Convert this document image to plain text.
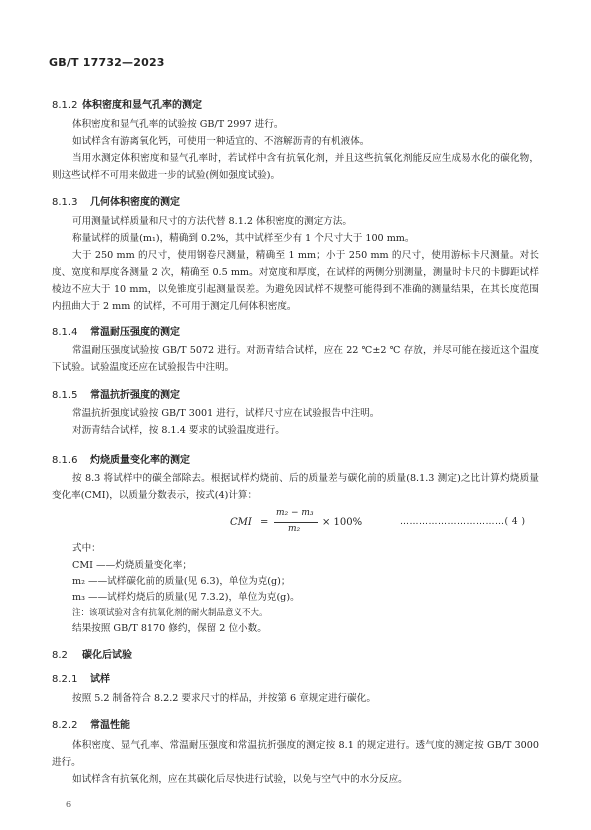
GB/T 17732—2023
8.1.2 体积密度和显气孔率的测定
体积密度和显气孔率的试验按 GB/T 2997 进行。
如试样含有游离氧化钙，可使用一种适宜的、不溶解沥青的有机液体。
当用水测定体积密度和显气孔率时，若试样中含有抗氧化剂，并且这些抗氧化剂能反应生成易水化的碳化物，则这些试样不可用来做进一步的试验(例如强度试验)。
8.1.3 几何体积密度的测定
可用测量试样质量和尺寸的方法代替 8.1.2 体积密度的测定方法。
称量试样的质量(m₁)，精确到 0.2%，其中试样至少有 1 个尺寸大于 100 mm。
大于 250 mm 的尺寸，使用钢卷尺测量，精确至 1 mm；小于 250 mm 的尺寸，使用游标卡尺测量。对长度、宽度和厚度各测量 2 次，精确至 0.5 mm。对宽度和厚度，在试样的两侧分别测量，测量时卡尺的卡脚距试样棱边不应大于 10 mm，以免锥度引起测量误差。为避免因试样不规整可能得到不准确的测量结果，在其长度范围内扭曲大于 2 mm 的试样，不可用于测定几何体积密度。
8.1.4 常温耐压强度的测定
常温耐压强度试验按 GB/T 5072 进行。对沥青结合试样，应在 22 ℃±2 ℃ 存放，并尽可能在接近这个温度下试验。试验温度还应在试验报告中注明。
8.1.5 常温抗折强度的测定
常温抗折强度试验按 GB/T 3001 进行，试样尺寸应在试验报告中注明。
对沥青结合试样，按 8.1.4 要求的试验温度进行。
8.1.6 灼烧质量变化率的测定
按 8.3 将试样中的碳全部除去。根据试样灼烧前、后的质量差与碳化前的质量(8.1.3 测定)之比计算灼烧质量变化率(CMI)，以质量分数表示，按式(4)计算：
CMI =
m₂ − m₃
m₂
× 100%	……………………………( 4 )
式中：
CMI ——灼烧质量变化率；
m₂ ——试样碳化前的质量(见 6.3)，单位为克(g)；
m₃ ——试样灼烧后的质量(见 7.3.2)，单位为克(g)。
注：该项试验对含有抗氧化剂的耐火制品意义不大。
结果按照 GB/T 8170 修约，保留 2 位小数。
8.2 碳化后试验
8.2.1 试样
按照 5.2 制备符合 8.2.2 要求尺寸的样品，并按第 6 章规定进行碳化。
8.2.2 常温性能
体积密度、显气孔率、常温耐压强度和常温抗折强度的测定按 8.1 的规定进行。透气度的测定按 GB/T 3000 进行。
如试样含有抗氧化剂，应在其碳化后尽快进行试验，以免与空气中的水分反应。
6
